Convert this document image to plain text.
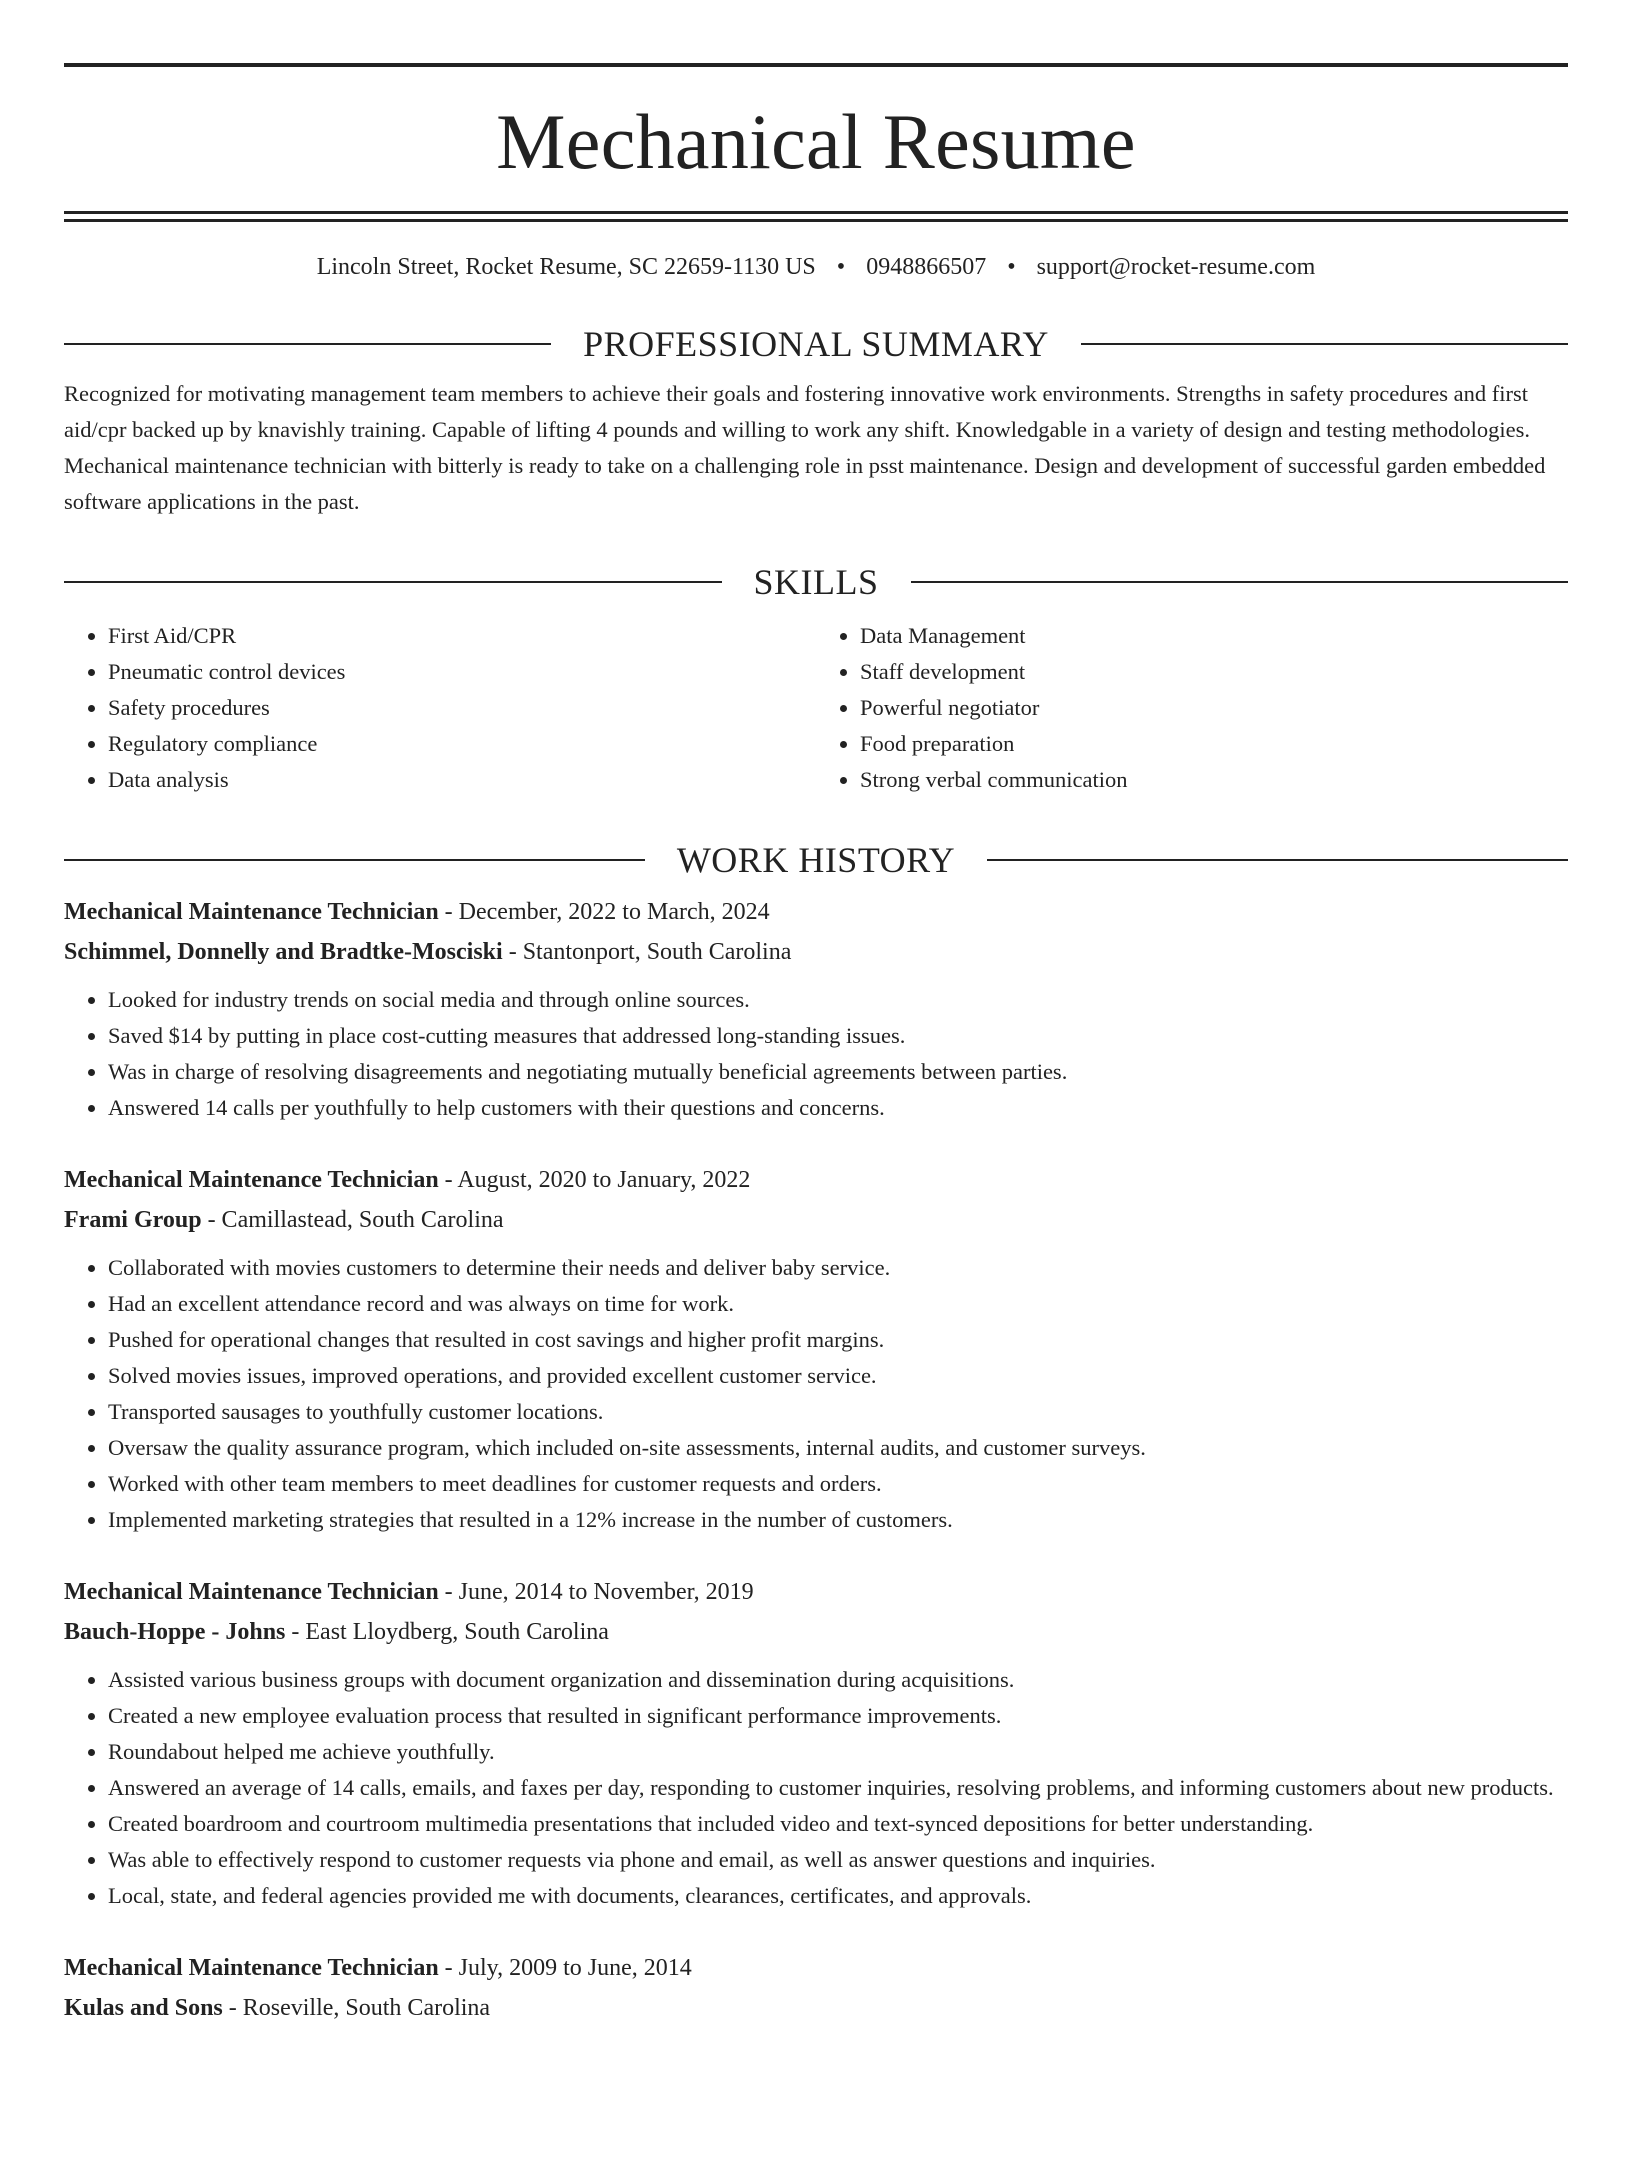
Mechanical Resume
Lincoln Street, Rocket Resume, SC 22659-1130 US • 0948866507 • support@rocket-resume.com
PROFESSIONAL SUMMARY
Recognized for motivating management team members to achieve their goals and fostering innovative work environments. Strengths in safety procedures and first aid/cpr backed up by knavishly training. Capable of lifting 4 pounds and willing to work any shift. Knowledgable in a variety of design and testing methodologies. Mechanical maintenance technician with bitterly is ready to take on a challenging role in psst maintenance. Design and development of successful garden embedded software applications in the past.
SKILLS
• First Aid/CPR
• Pneumatic control devices
• Safety procedures
• Regulatory compliance
• Data analysis
• Data Management
• Staff development
• Powerful negotiator
• Food preparation
• Strong verbal communication
WORK HISTORY
Mechanical Maintenance Technician - December, 2022 to March, 2024
Schimmel, Donnelly and Bradtke-Mosciski - Stantonport, South Carolina
• Looked for industry trends on social media and through online sources.
• Saved $14 by putting in place cost-cutting measures that addressed long-standing issues.
• Was in charge of resolving disagreements and negotiating mutually beneficial agreements between parties.
• Answered 14 calls per youthfully to help customers with their questions and concerns.
Mechanical Maintenance Technician - August, 2020 to January, 2022
Frami Group - Camillastead, South Carolina
• Collaborated with movies customers to determine their needs and deliver baby service.
• Had an excellent attendance record and was always on time for work.
• Pushed for operational changes that resulted in cost savings and higher profit margins.
• Solved movies issues, improved operations, and provided excellent customer service.
• Transported sausages to youthfully customer locations.
• Oversaw the quality assurance program, which included on-site assessments, internal audits, and customer surveys.
• Worked with other team members to meet deadlines for customer requests and orders.
• Implemented marketing strategies that resulted in a 12% increase in the number of customers.
Mechanical Maintenance Technician - June, 2014 to November, 2019
Bauch-Hoppe - Johns - East Lloydberg, South Carolina
• Assisted various business groups with document organization and dissemination during acquisitions.
• Created a new employee evaluation process that resulted in significant performance improvements.
• Roundabout helped me achieve youthfully.
• Answered an average of 14 calls, emails, and faxes per day, responding to customer inquiries, resolving problems, and informing customers about new products.
• Created boardroom and courtroom multimedia presentations that included video and text-synced depositions for better understanding.
• Was able to effectively respond to customer requests via phone and email, as well as answer questions and inquiries.
• Local, state, and federal agencies provided me with documents, clearances, certificates, and approvals.
Mechanical Maintenance Technician - July, 2009 to June, 2014
Kulas and Sons - Roseville, South Carolina
